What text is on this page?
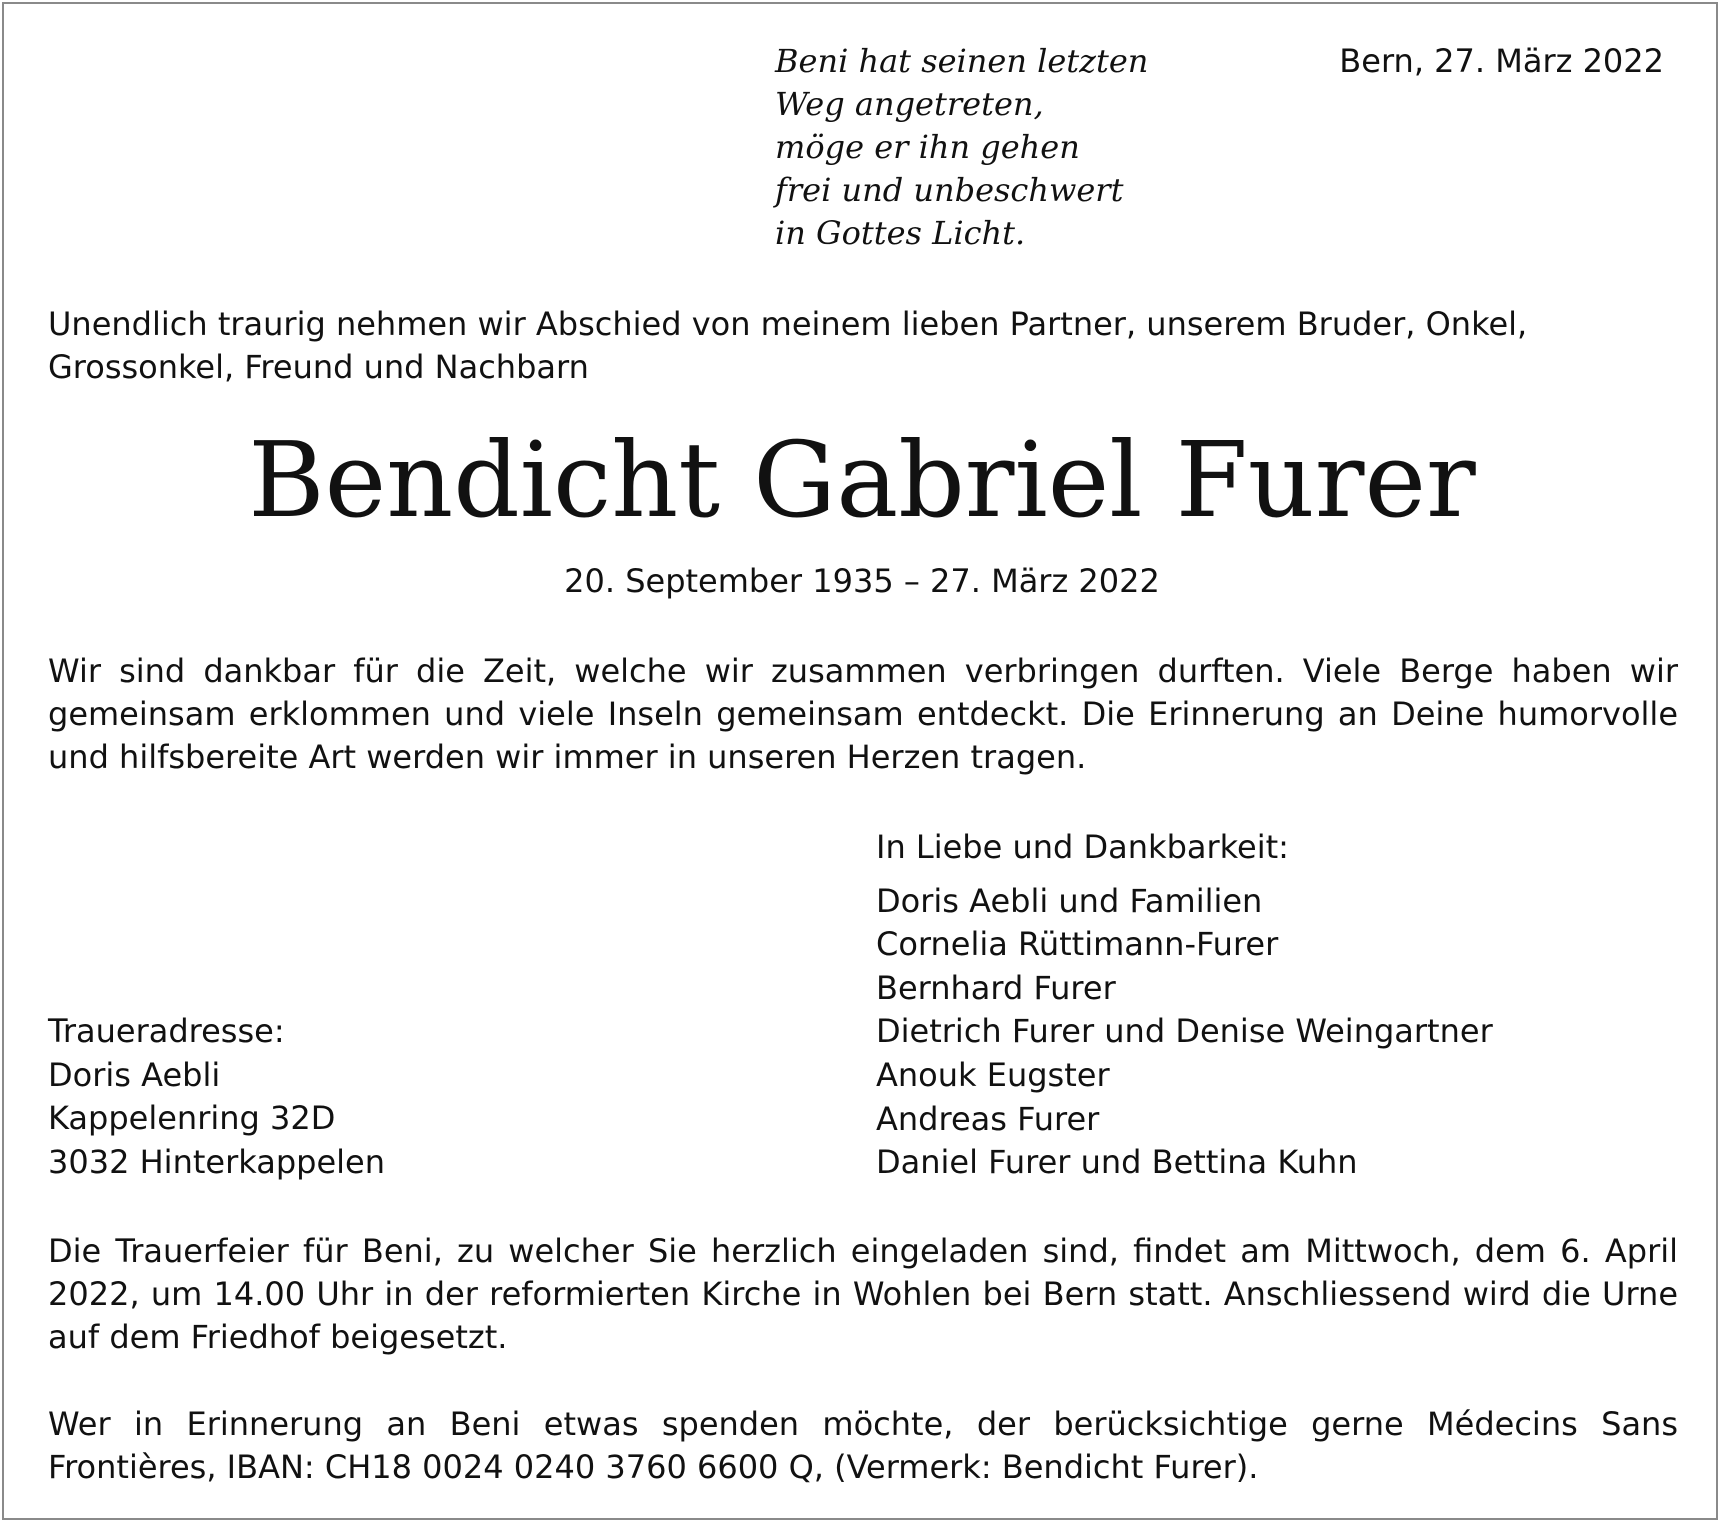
Beni hat seinen letzten
Weg angetreten,
möge er ihn gehen
frei und unbeschwert
in Gottes Licht.
Bern, 27. März 2022
Unendlich traurig nehmen wir Abschied von meinem lieben Partner, unserem Bruder, Onkel, Grossonkel, Freund und Nachbarn
Bendicht Gabriel Furer
20. September 1935 – 27. März 2022
Wir sind dankbar für die Zeit, welche wir zusammen verbringen durften. Viele Berge haben wir gemeinsam erklommen und viele Inseln gemeinsam entdeckt. Die Erinnerung an Deine humorvolle und hilfsbereite Art werden wir immer in unseren Herzen tragen.
In Liebe und Dankbarkeit:
Doris Aebli und Familien
Cornelia Rüttimann-Furer
Bernhard Furer
Dietrich Furer und Denise Weingartner
Anouk Eugster
Andreas Furer
Daniel Furer und Bettina Kuhn
Traueradresse:
Doris Aebli
Kappelenring 32D
3032 Hinterkappelen
Die Trauerfeier für Beni, zu welcher Sie herzlich eingeladen sind, findet am Mittwoch, dem 6. April 2022, um 14.00 Uhr in der reformierten Kirche in Wohlen bei Bern statt. Anschliessend wird die Urne auf dem Friedhof beigesetzt.
Wer in Erinnerung an Beni etwas spenden möchte, der berücksichtige gerne Médecins Sans Frontières, IBAN: CH18 0024 0240 3760 6600 Q, (Vermerk: Bendicht Furer).
